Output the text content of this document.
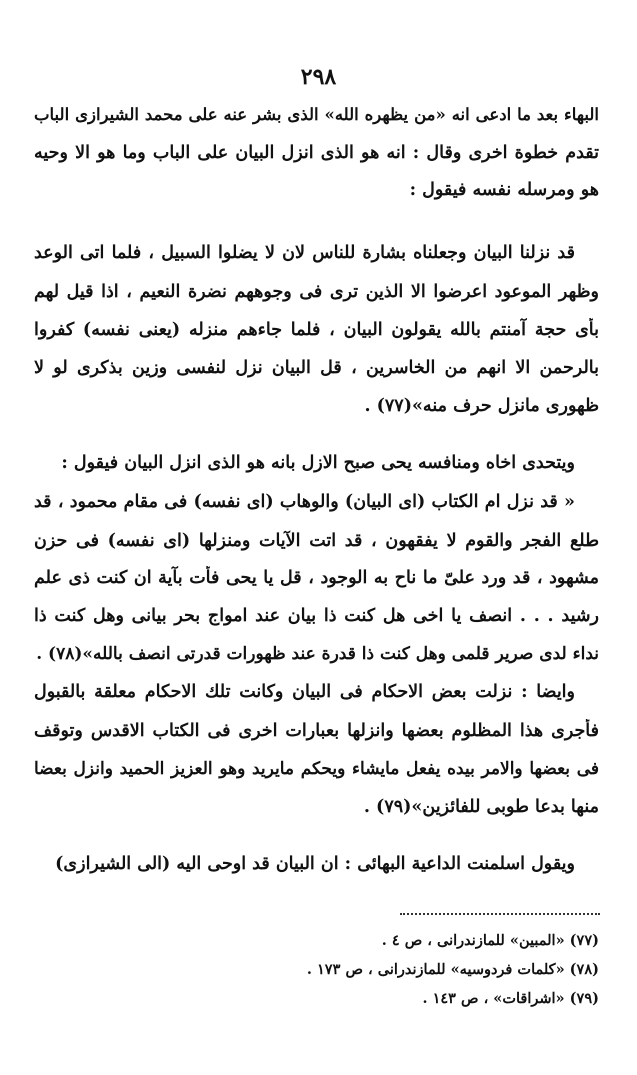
٢٩٨
البهاء بعد ما ادعى انه «من يظهره الله» الذى بشر عنه على محمد الشيرازى الباب
تقدم خطوة اخرى وقال : انه هو الذى انزل البيان على الباب وما هو الا وحيه
هو ومرسله نفسه فيقول :
قد نزلنا البيان وجعلناه بشارة للناس لان لا يضلوا السبيل ، فلما اتى الوعد
وظهر الموعود اعرضوا الا الذين ترى فى وجوههم نضرة النعيم ، اذا قيل لهم
بأى حجة آمنتم بالله يقولون البيان ، فلما جاءهم منزله (يعنى نفسه) كفروا
بالرحمن الا انهم من الخاسرين ، قل البيان نزل لنفسى وزين بذكرى لو لا
ظهورى مانزل حرف منه»(٧٧) .
ويتحدى اخاه ومنافسه يحى صبح الازل بانه هو الذى انزل البيان فيقول :
« قد نزل ام الكتاب (اى البيان) والوهاب (اى نفسه) فى مقام محمود ، قد
طلع الفجر والقوم لا يفقهون ، قد اتت الآيات ومنزلها (اى نفسه) فى حزن
مشهود ، قد ورد علىّ ما ناح به الوجود ، قل يا يحى فأت بآية ان كنت ذى علم
رشيد . . . انصف يا اخى هل كنت ذا بيان عند امواج بحر بيانى وهل كنت ذا
نداء لدى صرير قلمى وهل كنت ذا قدرة عند ظهورات قدرتى انصف بالله»(٧٨) .
وايضا : نزلت بعض الاحكام فى البيان وكانت تلك الاحكام معلقة بالقبول
فأجرى هذا المظلوم بعضها وانزلها بعبارات اخرى فى الكتاب الاقدس وتوقف
فى بعضها والامر بيده يفعل مايشاء ويحكم مايريد وهو العزيز الحميد وانزل بعضا
منها بدعا طوبى للفائزين»(٧٩) .
ويقول اسلمنت الداعية البهائى : ان البيان قد اوحى اليه (الى الشيرازى)
(٧٧) «المبين» للمازندرانى ، ص ٤ .
(٧٨) «كلمات فردوسيه» للمازندرانى ، ص ١٧٣ .
(٧٩) «اشراقات» ، ص ١٤٣ .
